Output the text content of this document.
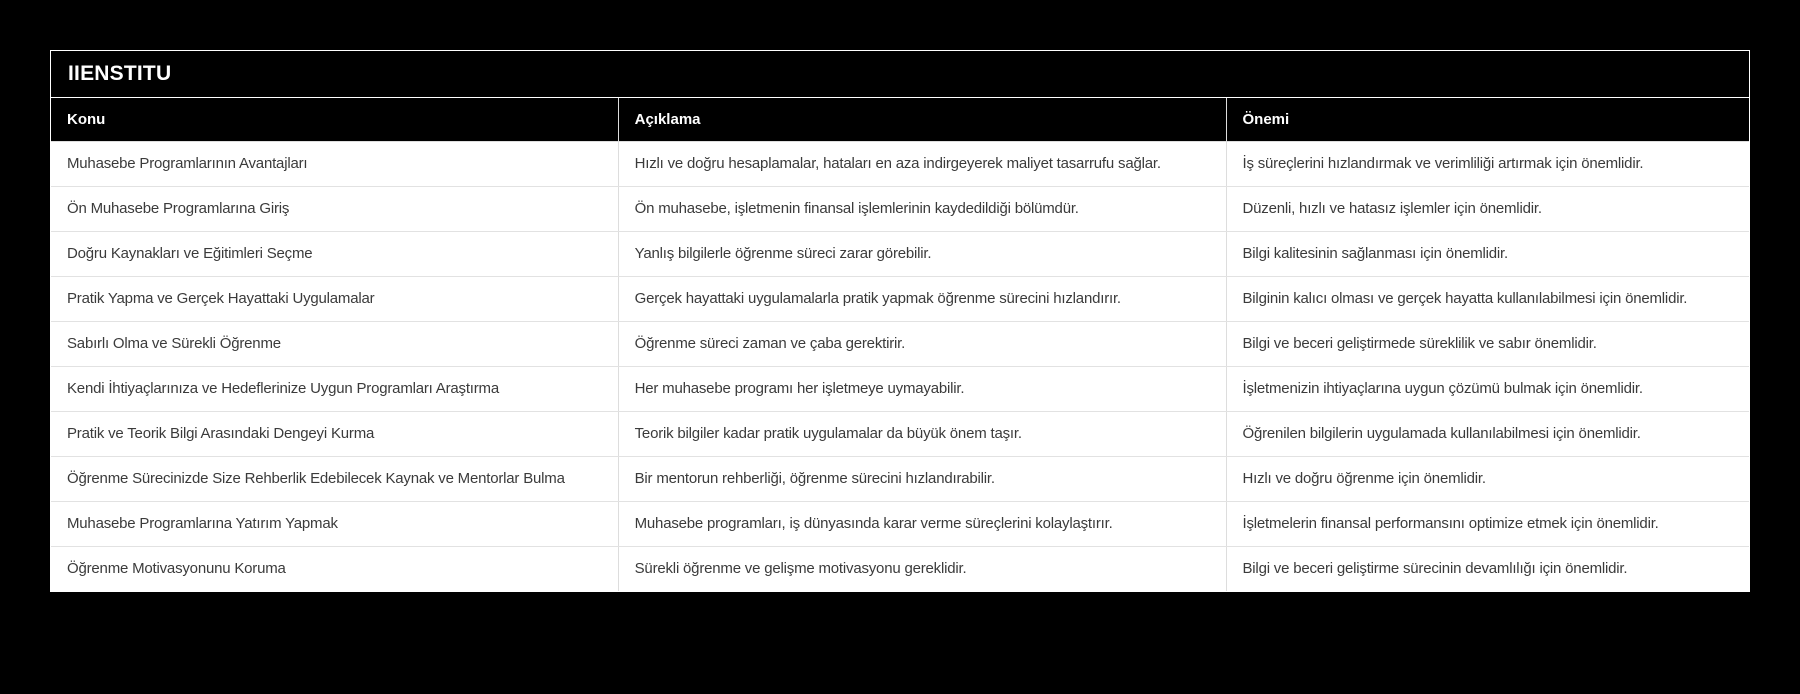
IIENSTITU
Konu	Açıklama	Önemi
Muhasebe Programlarının Avantajları	Hızlı ve doğru hesaplamalar, hataları en aza indirgeyerek maliyet tasarrufu sağlar.	İş süreçlerini hızlandırmak ve verimliliği artırmak için önemlidir.
Ön Muhasebe Programlarına Giriş	Ön muhasebe, işletmenin finansal işlemlerinin kaydedildiği bölümdür.	Düzenli, hızlı ve hatasız işlemler için önemlidir.
Doğru Kaynakları ve Eğitimleri Seçme	Yanlış bilgilerle öğrenme süreci zarar görebilir.	Bilgi kalitesinin sağlanması için önemlidir.
Pratik Yapma ve Gerçek Hayattaki Uygulamalar	Gerçek hayattaki uygulamalarla pratik yapmak öğrenme sürecini hızlandırır.	Bilginin kalıcı olması ve gerçek hayatta kullanılabilmesi için önemlidir.
Sabırlı Olma ve Sürekli Öğrenme	Öğrenme süreci zaman ve çaba gerektirir.	Bilgi ve beceri geliştirmede süreklilik ve sabır önemlidir.
Kendi İhtiyaçlarınıza ve Hedeflerinize Uygun Programları Araştırma	Her muhasebe programı her işletmeye uymayabilir.	İşletmenizin ihtiyaçlarına uygun çözümü bulmak için önemlidir.
Pratik ve Teorik Bilgi Arasındaki Dengeyi Kurma	Teorik bilgiler kadar pratik uygulamalar da büyük önem taşır.	Öğrenilen bilgilerin uygulamada kullanılabilmesi için önemlidir.
Öğrenme Sürecinizde Size Rehberlik Edebilecek Kaynak ve Mentorlar Bulma	Bir mentorun rehberliği, öğrenme sürecini hızlandırabilir.	Hızlı ve doğru öğrenme için önemlidir.
Muhasebe Programlarına Yatırım Yapmak	Muhasebe programları, iş dünyasında karar verme süreçlerini kolaylaştırır.	İşletmelerin finansal performansını optimize etmek için önemlidir.
Öğrenme Motivasyonunu Koruma	Sürekli öğrenme ve gelişme motivasyonu gereklidir.	Bilgi ve beceri geliştirme sürecinin devamlılığı için önemlidir.
